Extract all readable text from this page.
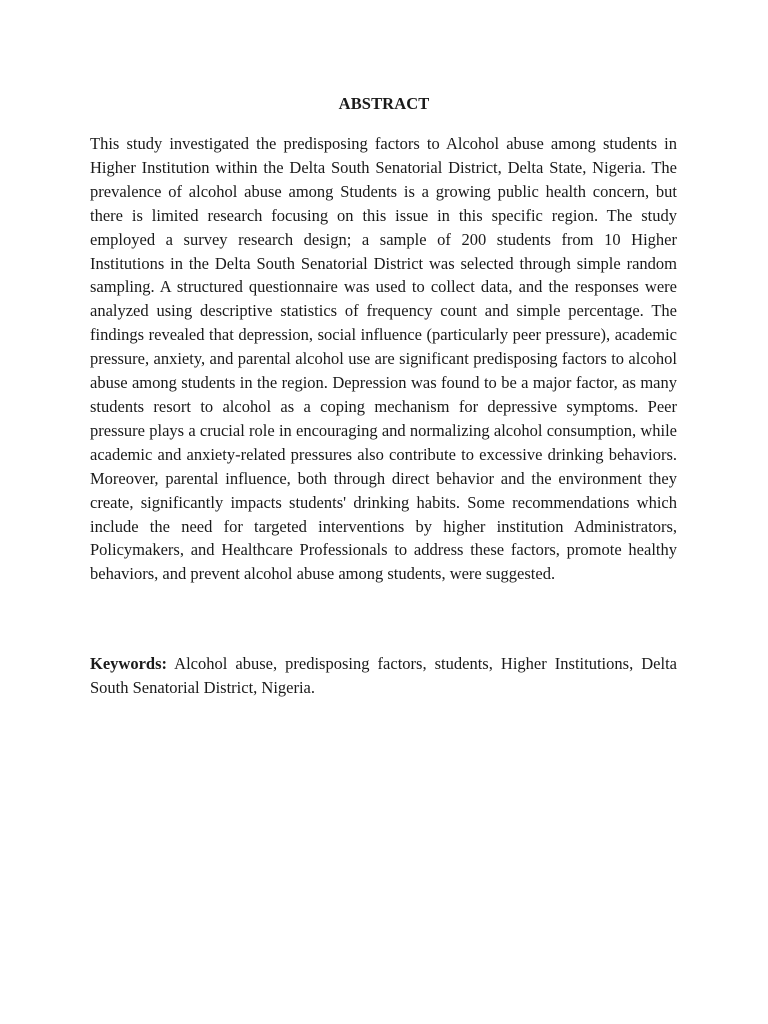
ABSTRACT

This study investigated the predisposing factors to Alcohol abuse among students in Higher Institution within the Delta South Senatorial District, Delta State, Nigeria. The prevalence of alcohol abuse among Students is a growing public health concern, but there is limited research focusing on this issue in this specific region. The study employed a survey research design; a sample of 200 students from 10 Higher Institutions in the Delta South Senatorial District was selected through simple random sampling. A structured questionnaire was used to collect data, and the responses were analyzed using descriptive statistics of frequency count and simple percentage. The findings revealed that depression, social influence (particularly peer pressure), academic pressure, anxiety, and parental alcohol use are significant predisposing factors to alcohol abuse among students in the region. Depression was found to be a major factor, as many students resort to alcohol as a coping mechanism for depressive symptoms. Peer pressure plays a crucial role in encouraging and normalizing alcohol consumption, while academic and anxiety-related pressures also contribute to excessive drinking behaviors. Moreover, parental influence, both through direct behavior and the environment they create, significantly impacts students' drinking habits. Some recommendations which include the need for targeted interventions by higher institution Administrators, Policymakers, and Healthcare Professionals to address these factors, promote healthy behaviors, and prevent alcohol abuse among students, were suggested.

Keywords: Alcohol abuse, predisposing factors, students, Higher Institutions, Delta South Senatorial District, Nigeria.
